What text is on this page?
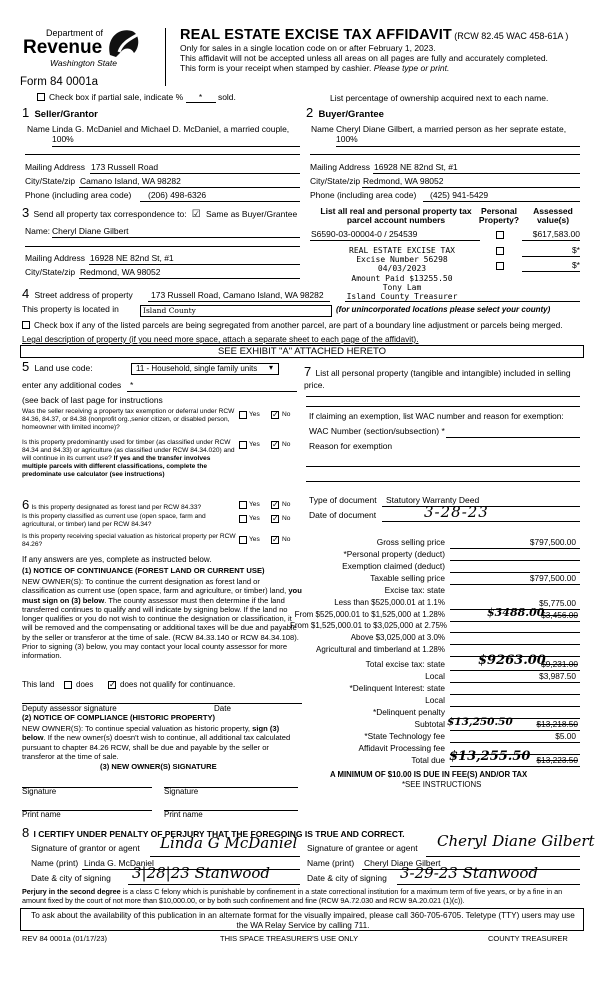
Department of
Revenue
Washington State
Form 84 0001a
REAL ESTATE EXCISE TAX AFFIDAVIT (RCW 82.45 WAC 458-61A )
Only for sales in a single location code on or after February 1, 2023.
This affidavit will not be accepted unless all areas on all pages are fully and accurately completed.
This form is your receipt when stamped by cashier. Please type or print.
Check box if partial sale, indicate % * sold.	List percentage of ownership acquired next to each name.
1 Seller/Grantor
Name Linda G. McDaniel and Michael D. McDaniel, a married couple,
100%
Mailing Address 173 Russell Road
City/State/zip Camano Island, WA 98282
Phone (including area code) (206) 498-6326
2 Buyer/Grantee
Name Cheryl Diane Gilbert, a married person as her seprate estate,
100%
Mailing Address 16928 NE 82nd St, #1
City/State/zip Redmond, WA 98052
Phone (including area code) (425) 941-5429
3 Send all property tax correspondence to: ☑ Same as Buyer/Grantee
Name: Cheryl Diane Gilbert
Mailing Address 16928 NE 82nd St, #1
City/State/zip Redmond, WA 98052
List all real and personal property tax
parcel account numbers
Personal
Property?
Assessed
value(s)
S6590-03-00004-0 / 254539	$617,583.00
$*
$*
REAL ESTATE EXCISE TAX
Excise Number 56298
04/03/2023
Amount Paid $13255.50
Tony Lam
Island County Treasurer
4 Street address of property 173 Russell Road, Camano Island, WA 98282
This property is located in	Island County	(for unincorporated locations please select your county)
Check box if any of the listed parcels are being segregated from another parcel, are part of a boundary line adjustment or parcels being merged.
Legal description of property (if you need more space, attach a separate sheet to each page of the affidavit).
SEE EXHIBIT "A" ATTACHED HERETO
5 Land use code:	11 - Household, single family units ▾
enter any additional codes *
(see back of last page for instructions
Was the seller receiving a property tax exemption or deferral under RCW 84.36, 84.37, or 84.38 (nonprofit org.,senior citizen, or disabled person, homeowner with limited income)?
Yes ✓ No
Is this property predominantly used for timber (as classified under RCW 84.34 and 84.33) or agriculture (as classified under RCW 84.34.020) and will continue in its current use? If yes and the transfer involves multiple parcels with different classifications, complete the predominate use calculator (see instructions)
Yes ✓ No
7 List all personal property (tangible and intangible) included in selling price.
If claiming an exemption, list WAC number and reason for exemption:
WAC Number (section/subsection) *
Reason for exemption
6 Is this property designated as forest land per RCW 84.33?	Yes ✓ No
Is this property classified as current use (open space, farm and agricultural, or timber) land per RCW 84.34?
Yes ✓ No
Is this property receiving special valuation as historical property per RCW 84.26?
Yes ✓ No
If any answers are yes, complete as instructed below.
(1) NOTICE OF CONTINUANCE (FOREST LAND OR CURRENT USE)
NEW OWNER(S): To continue the current designation as forest land or classification as current use (open space, farm and agriculture, or timber) land, you must sign on (3) below. The county assessor must then determine if the land transferred continues to qualify and will indicate by signing below. If the land no longer qualifies or you do not wish to continue the designation or classification, it will be removed and the compensating or additional taxes will be due and payable by the seller or transferor at the time of sale. (RCW 84.33.140 or RCW 84.34.108). Prior to signing (3) below, you may contact your local county assessor for more information.
This land	does ✓ does not qualify for continuance.
Deputy assessor signature	Date
(2) NOTICE OF COMPLIANCE (HISTORIC PROPERTY)
NEW OWNER(S): To continue special valuation as historic property, sign (3) below. If the new owner(s) doesn't wish to continue, all additional tax calculated pursuant to chapter 84.26 RCW, shall be due and payable by the seller or transferor at the time of sale.
(3) NEW OWNER(S) SIGNATURE
Signature	Signature
Print name	Print name
Type of document Statutory Warranty Deed
Date of document	3-28-23
Gross selling price	$797,500.00
*Personal property (deduct)
Exemption claimed (deduct)
Taxable selling price	$797,500.00
Excise tax: state
Less than $525,000.01 at 1.1%	$5,775.00
From $525,000.01 to $1,525,000 at 1.28%	$3488.00
$3,456.00
From $1,525,000.01 to $3,025,000 at 2.75%
Above $3,025,000 at 3.0%
Agricultural and timberland at 1.28%
Total excise tax: state	$9263.00
$9,231.00
Local	$3,987.50
*Delinquent Interest: state
Local
*Delinquent penalty
Subtotal $13,250.50	$13,218.50
*State Technology fee	$5.00
Affidavit Processing fee
Total due $13,255.50 $13,223.50
A MINIMUM OF $10.00 IS DUE IN FEE(S) AND/OR TAX
*SEE INSTRUCTIONS
8 I CERTIFY UNDER PENALTY OF PERJURY THAT THE FOREGOING IS TRUE AND CORRECT.
Signature of grantor or agent Linda G McDaniel Signature of grantee or agent Cheryl Diane Gilbert
Name (print) Linda G. McDaniel	Name (print) Cheryl Diane Gilbert
Date & city of signing 3|28|23 Stanwood	Date & city of signing 3-29-23 Stanwood
Perjury in the second degree is a class C felony which is punishable by confinement in a state correctional institution for a maximum term of five years, or by a fine in an amount fixed by the court of not more than $10,000.00, or by both such confinement and fine (RCW 9A.72.030 and RCW 9A.20.021 (1)(c)).
To ask about the availability of this publication in an alternate format for the visually impaired, please call 360-705-6705. Teletype (TTY) users may use the WA Relay Service by calling 711.
REV 84 0001a (01/17/23)	THIS SPACE TREASURER'S USE ONLY	COUNTY TREASURER
